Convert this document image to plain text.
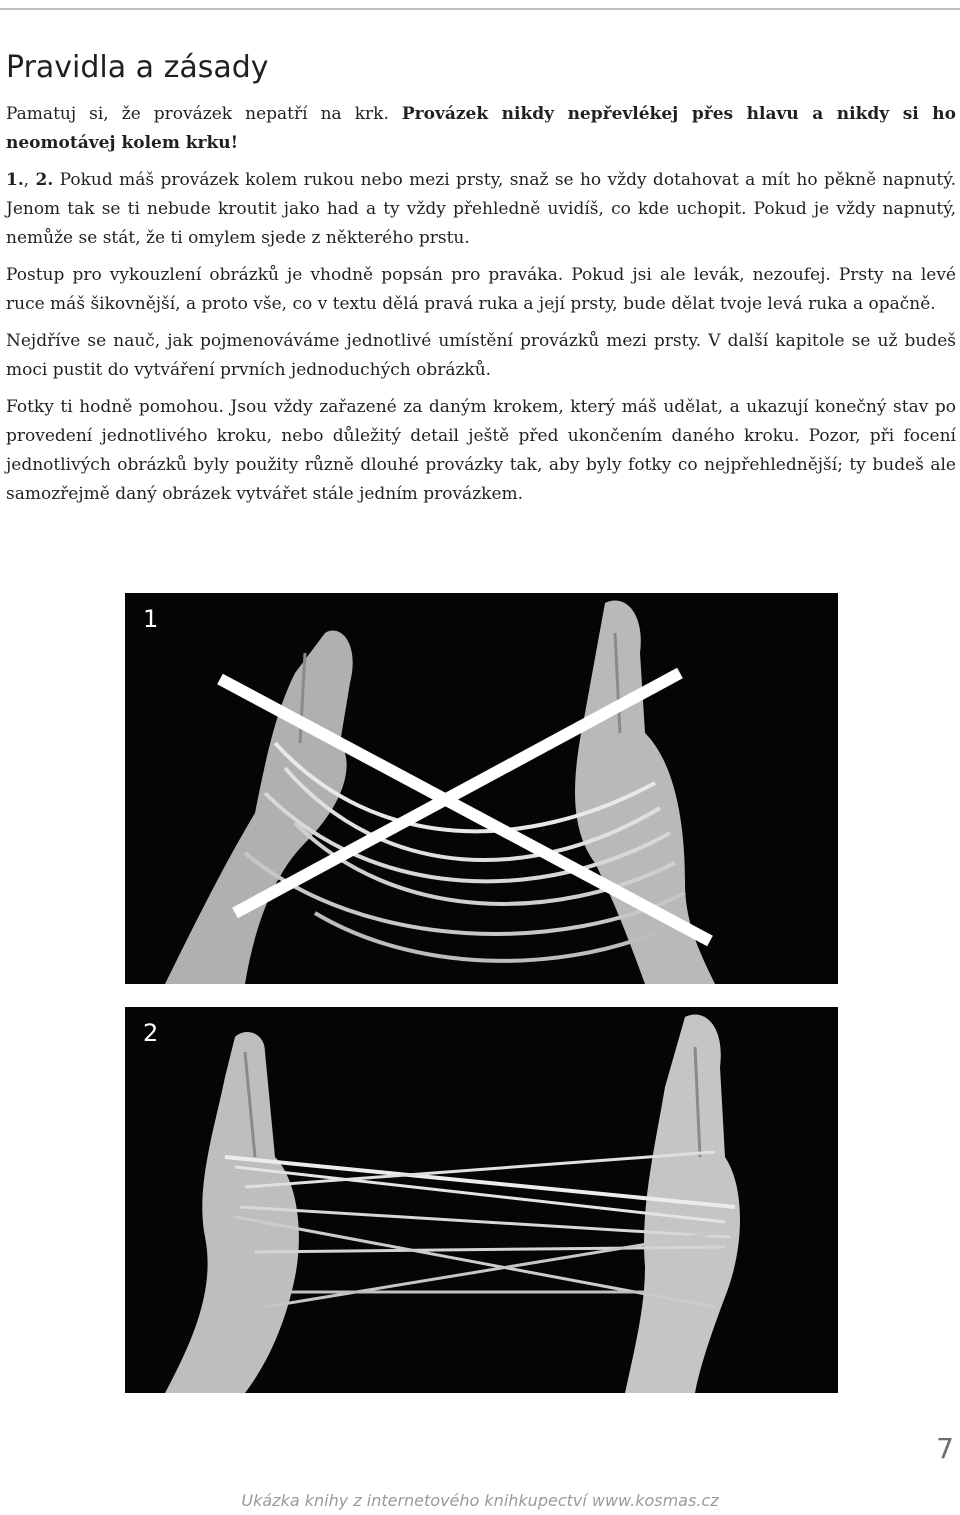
Pravidla a zásady

Pamatuj si, že provázek nepatří na krk. Provázek nikdy nepřevlékej přes hlavu a nikdy si ho neomotávej kolem krku!

1., 2. Pokud máš provázek kolem rukou nebo mezi prsty, snaž se ho vždy dotahovat a mít ho pěkně napnutý. Jenom tak se ti nebude kroutit jako had a ty vždy přehledně uvidíš, co kde uchopit. Pokud je vždy napnutý, nemůže se stát, že ti omylem sjede z některého prstu.

Postup pro vykouzlení obrázků je vhodně popsán pro praváka. Pokud jsi ale levák, nezoufej. Prsty na levé ruce máš šikovnější, a proto vše, co v textu dělá pravá ruka a její prsty, bude dělat tvoje levá ruka a opačně.

Nejdříve se nauč, jak pojmenováváme jednotlivé umístění provázků mezi prsty. V další kapitole se už budeš moci pustit do vytváření prvních jednoduchých obrázků.

Fotky ti hodně pomohou. Jsou vždy zařazené za daným krokem, který máš udělat, a ukazují konečný stav po provedení jednotlivého kroku, nebo důležitý detail ještě před ukončením daného kroku. Pozor, při focení jednotlivých obrázků byly použity různě dlouhé provázky tak, aby byly fotky co nejpřehlednější; ty budeš ale samozřejmě daný obrázek vytvářet stále jedním provázkem.

1
2
7
Ukázka knihy z internetového knihkupectví www.kosmas.cz
